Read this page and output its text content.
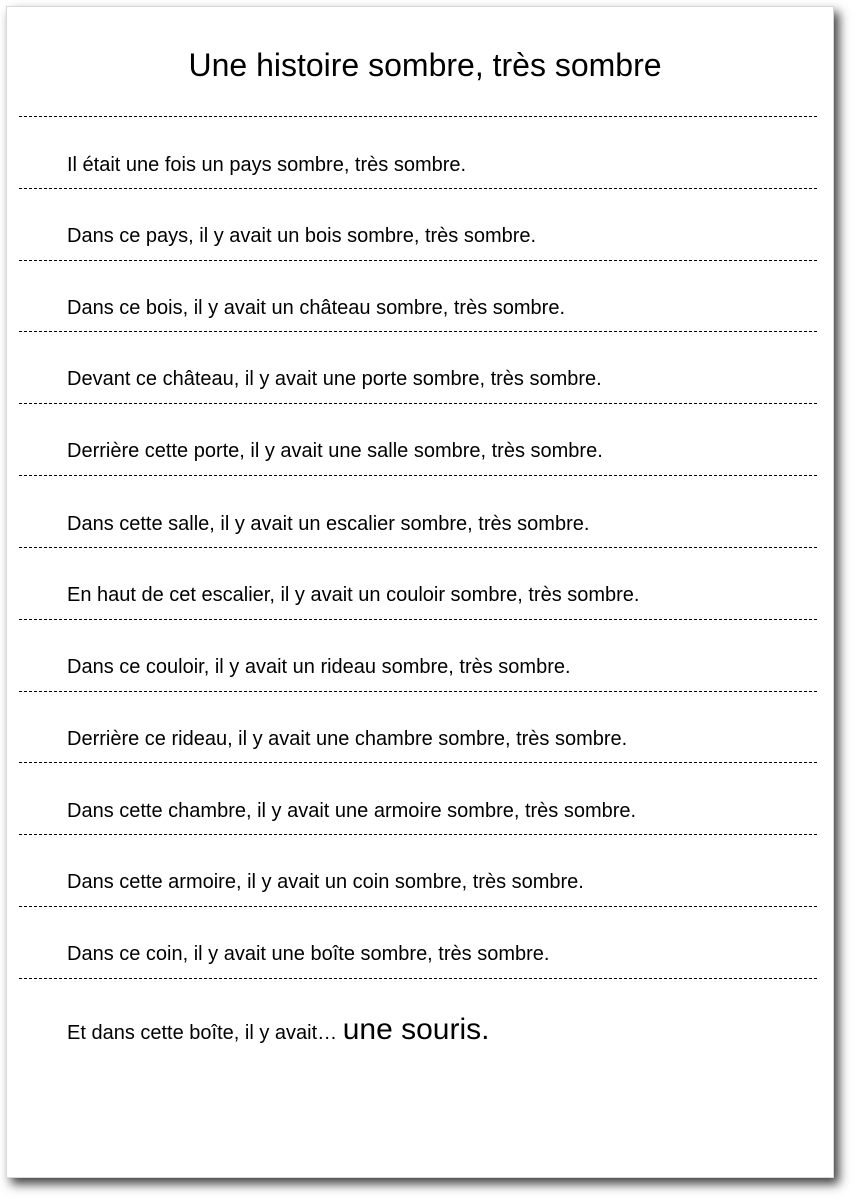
Une histoire sombre, très sombre
Il était une fois un pays sombre, très sombre.
Dans ce pays, il y avait un bois sombre, très sombre.
Dans ce bois, il y avait un château sombre, très sombre.
Devant ce château, il y avait une porte sombre, très sombre.
Derrière cette porte, il y avait une salle sombre, très sombre.
Dans cette salle, il y avait un escalier sombre, très sombre.
En haut de cet escalier, il y avait un couloir sombre, très sombre.
Dans ce couloir, il y avait un rideau sombre, très sombre.
Derrière ce rideau, il y avait une chambre sombre, très sombre.
Dans cette chambre, il y avait une armoire sombre, très sombre.
Dans cette armoire, il y avait un coin sombre, très sombre.
Dans ce coin, il y avait une boîte sombre, très sombre.
Et dans cette boîte, il y avait… une souris.
